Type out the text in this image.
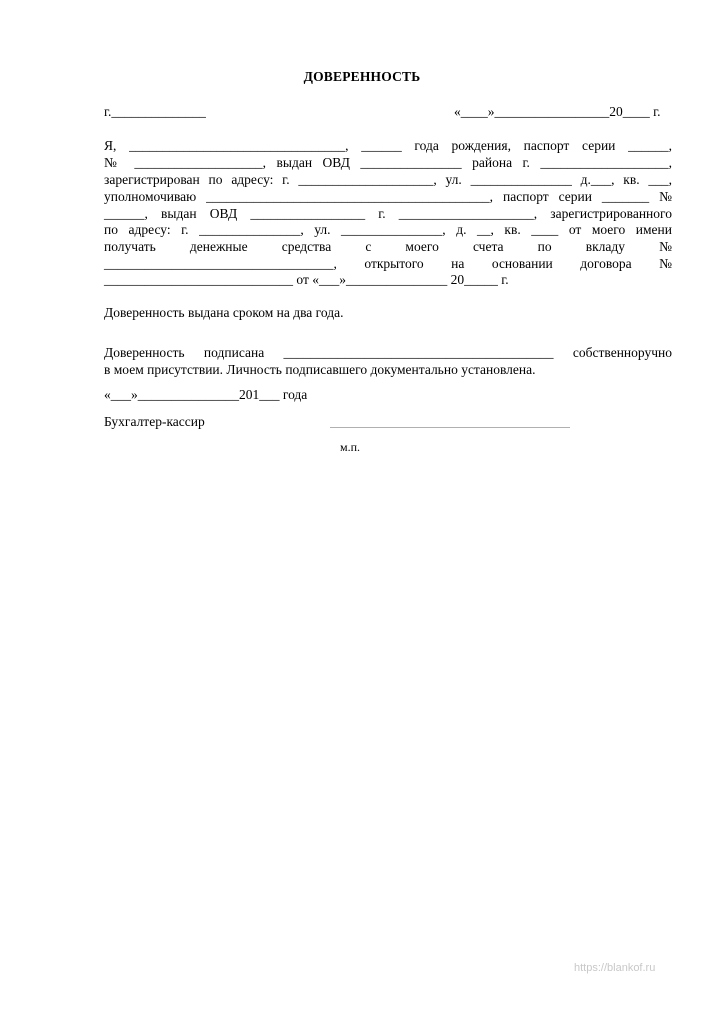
ДОВЕРЕННОСТЬ
г.______________	«____»_________________20____ г.
Я, ________________________________, ______ года рождения, паспорт серии ______,
№ ___________________, выдан ОВД _______________ района г. ___________________,
зарегистрирован по адресу: г. ____________________, ул. _______________ д.___, кв. ___,
уполномочиваю __________________________________________, паспорт серии _______ №
______, выдан ОВД _________________ г. ____________________, зарегистрированного
по адресу: г. _______________, ул. _______________, д. __, кв. ____ от моего имени
получать денежные средства с моего счета по вкладу №
__________________________________, открытого на основании договора №
____________________________ от «___»_______________ 20_____ г.
Доверенность выдана сроком на два года.
Доверенность подписана ________________________________________ собственноручно
в моем присутствии. Личность подписавшего документально установлена.
«___»_______________201___ года
Бухгалтер-кассир
м.п.
https://blankof.ru
